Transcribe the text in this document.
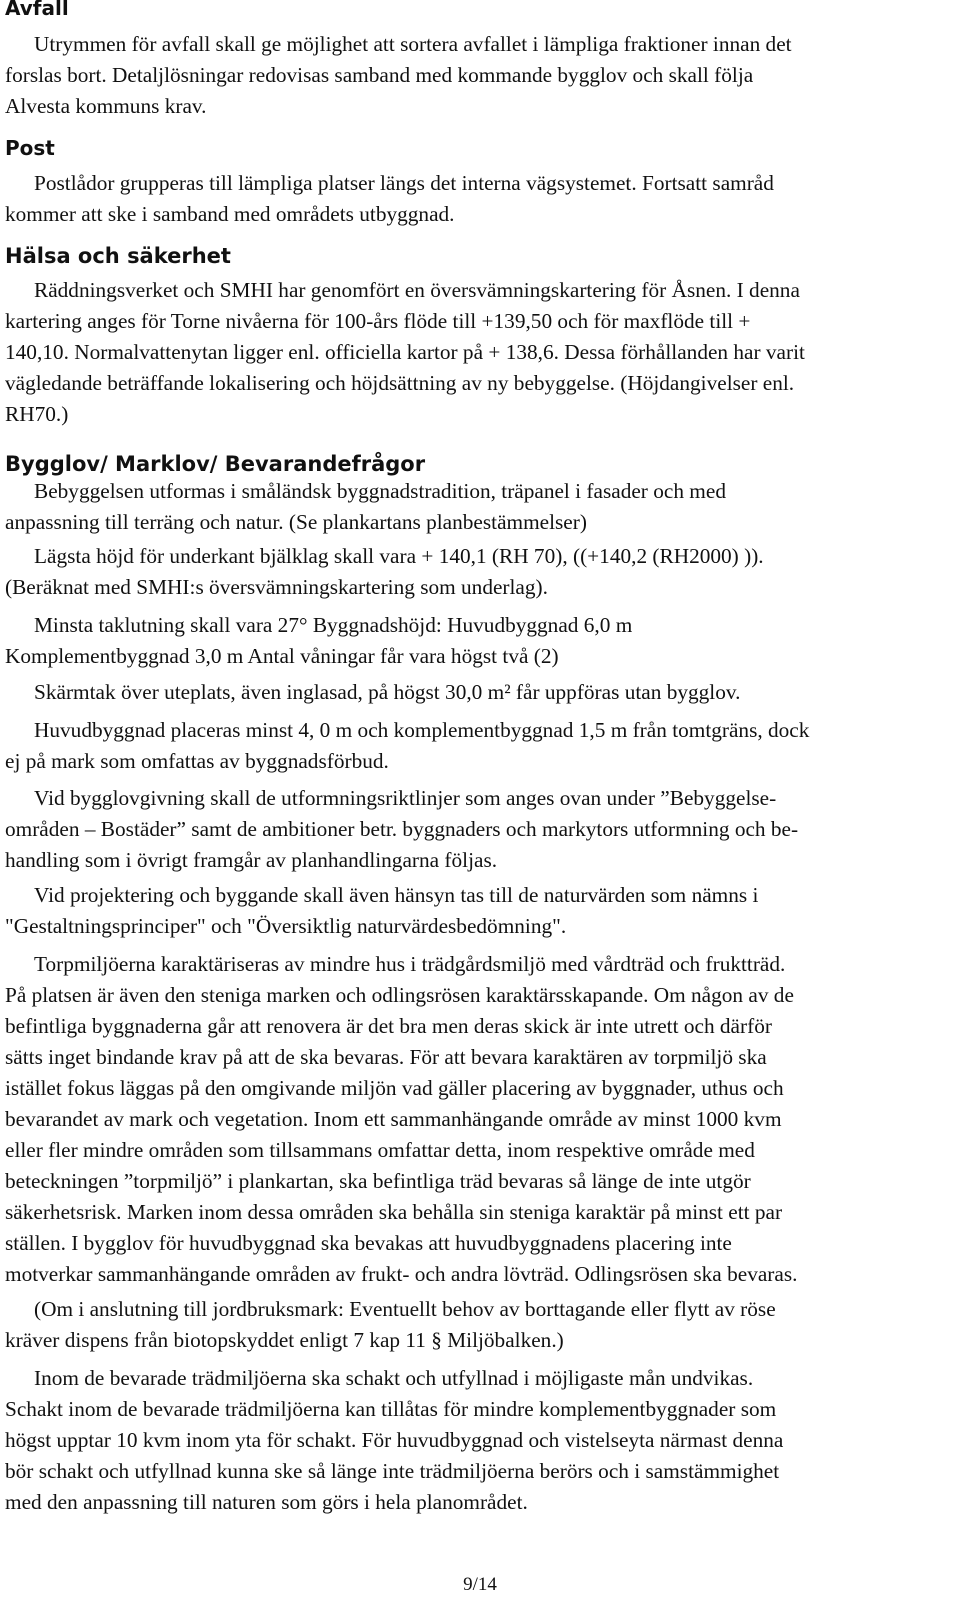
Avfall

Utrymmen för avfall skall ge möjlighet att sortera avfallet i lämpliga fraktioner innan det
forslas bort. Detaljlösningar redovisas samband med kommande bygglov och skall följa
Alvesta kommuns krav.

Post

Postlådor grupperas till lämpliga platser längs det interna vägsystemet. Fortsatt samråd
kommer att ske i samband med områdets utbyggnad.

Hälsa och säkerhet

Räddningsverket och SMHI har genomfört en översvämningskartering för Åsnen. I denna
kartering anges för Torne nivåerna för 100-års flöde till +139,50 och för maxflöde till +
140,10. Normalvattenytan ligger enl. officiella kartor på + 138,6. Dessa förhållanden har varit
vägledande beträffande lokalisering och höjdsättning av ny bebyggelse. (Höjdangivelser enl.
RH70.)

Bygglov/ Marklov/ Bevarandefrågor

Bebyggelsen utformas i småländsk byggnadstradition, träpanel i fasader och med
anpassning till terräng och natur. (Se plankartans planbestämmelser)

Lägsta höjd för underkant bjälklag skall vara + 140,1 (RH 70), ((+140,2 (RH2000) )).
(Beräknat med SMHI:s översvämningskartering som underlag).

Minsta taklutning skall vara 27° Byggnadshöjd: Huvudbyggnad 6,0 m
Komplementbyggnad 3,0 m Antal våningar får vara högst två (2)

Skärmtak över uteplats, även inglasad, på högst 30,0 m² får uppföras utan bygglov.

Huvudbyggnad placeras minst 4, 0 m och komplementbyggnad 1,5 m från tomtgräns, dock
ej på mark som omfattas av byggnadsförbud.

Vid bygglovgivning skall de utformningsriktlinjer som anges ovan under ”Bebyggelse-
områden – Bostäder” samt de ambitioner betr. byggnaders och markytors utformning och be-
handling som i övrigt framgår av planhandlingarna följas.

Vid projektering och byggande skall även hänsyn tas till de naturvärden som nämns i
"Gestaltningsprinciper" och "Översiktlig naturvärdesbedömning".

Torpmiljöerna karaktäriseras av mindre hus i trädgårdsmiljö med vårdträd och fruktträd.
På platsen är även den steniga marken och odlingsrösen karaktärsskapande. Om någon av de
befintliga byggnaderna går att renovera är det bra men deras skick är inte utrett och därför
sätts inget bindande krav på att de ska bevaras. För att bevara karaktären av torpmiljö ska
istället fokus läggas på den omgivande miljön vad gäller placering av byggnader, uthus och
bevarandet av mark och vegetation. Inom ett sammanhängande område av minst 1000 kvm
eller fler mindre områden som tillsammans omfattar detta, inom respektive område med
beteckningen ”torpmiljö” i plankartan, ska befintliga träd bevaras så länge de inte utgör
säkerhetsrisk. Marken inom dessa områden ska behålla sin steniga karaktär på minst ett par
ställen. I bygglov för huvudbyggnad ska bevakas att huvudbyggnadens placering inte
motverkar sammanhängande områden av frukt- och andra lövträd. Odlingsrösen ska bevaras.

(Om i anslutning till jordbruksmark: Eventuellt behov av borttagande eller flytt av röse
kräver dispens från biotopskyddet enligt 7 kap 11 § Miljöbalken.)

Inom de bevarade trädmiljöerna ska schakt och utfyllnad i möjligaste mån undvikas.
Schakt inom de bevarade trädmiljöerna kan tillåtas för mindre komplementbyggnader som
högst upptar 10 kvm inom yta för schakt. För huvudbyggnad och vistelseyta närmast denna
bör schakt och utfyllnad kunna ske så länge inte trädmiljöerna berörs och i samstämmighet
med den anpassning till naturen som görs i hela planområdet.

9/14
